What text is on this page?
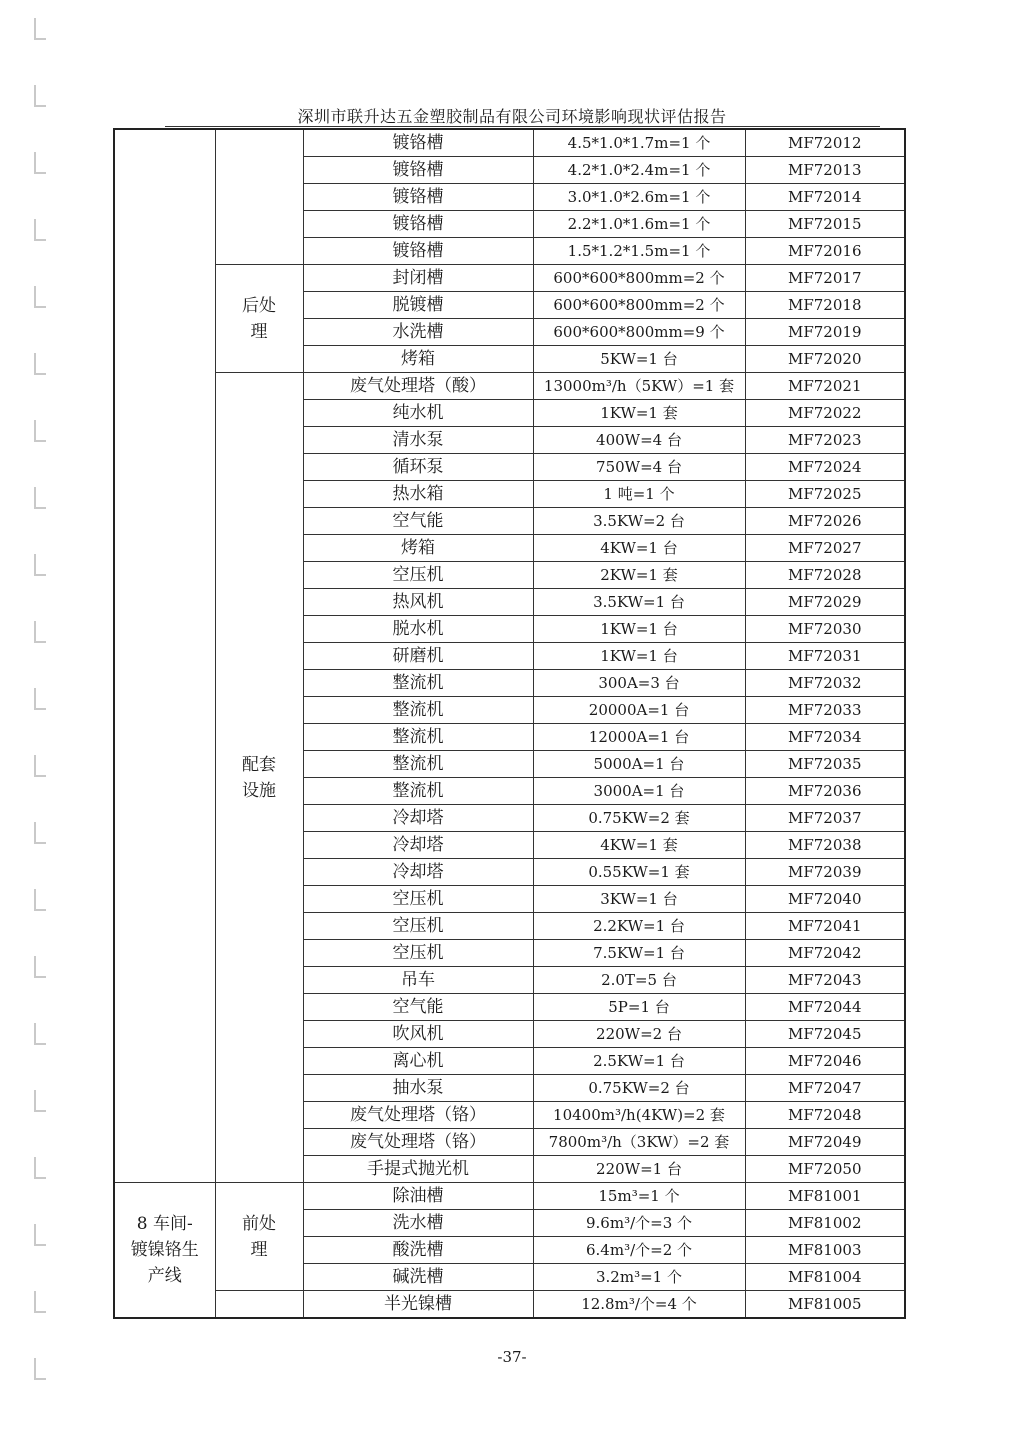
深圳市联升达五金塑胶制品有限公司环境影响现状评估报告
		镀铬槽	4.5*1.0*1.7m=1 个	MF72012
		镀铬槽	4.2*1.0*2.4m=1 个	MF72013
		镀铬槽	3.0*1.0*2.6m=1 个	MF72014
		镀铬槽	2.2*1.0*1.6m=1 个	MF72015
		镀铬槽	1.5*1.2*1.5m=1 个	MF72016
	后处理	封闭槽	600*600*800mm=2 个	MF72017
		脱镀槽	600*600*800mm=2 个	MF72018
		水洗槽	600*600*800mm=9 个	MF72019
		烤箱	5KW=1 台	MF72020
	配套设施	废气处理塔（酸）	13000m³/h（5KW）=1 套	MF72021
		纯水机	1KW=1 套	MF72022
		清水泵	400W=4 台	MF72023
		循环泵	750W=4 台	MF72024
		热水箱	1 吨=1 个	MF72025
		空气能	3.5KW=2 台	MF72026
		烤箱	4KW=1 台	MF72027
		空压机	2KW=1 套	MF72028
		热风机	3.5KW=1 台	MF72029
		脱水机	1KW=1 台	MF72030
		研磨机	1KW=1 台	MF72031
		整流机	300A=3 台	MF72032
		整流机	20000A=1 台	MF72033
		整流机	12000A=1 台	MF72034
		整流机	5000A=1 台	MF72035
		整流机	3000A=1 台	MF72036
		冷却塔	0.75KW=2 套	MF72037
		冷却塔	4KW=1 套	MF72038
		冷却塔	0.55KW=1 套	MF72039
		空压机	3KW=1 台	MF72040
		空压机	2.2KW=1 台	MF72041
		空压机	7.5KW=1 台	MF72042
		吊车	2.0T=5 台	MF72043
		空气能	5P=1 台	MF72044
		吹风机	220W=2 台	MF72045
		离心机	2.5KW=1 台	MF72046
		抽水泵	0.75KW=2 台	MF72047
		废气处理塔（铬）	10400m³/h(4KW)=2 套	MF72048
		废气处理塔（铬）	7800m³/h（3KW）=2 套	MF72049
		手提式抛光机	220W=1 台	MF72050
8 车间-镀镍铬生产线	前处理	除油槽	15m³=1 个	MF81001
		洗水槽	9.6m³/个=3 个	MF81002
		酸洗槽	6.4m³/个=2 个	MF81003
		碱洗槽	3.2m³=1 个	MF81004
		半光镍槽	12.8m³/个=4 个	MF81005
-37-
